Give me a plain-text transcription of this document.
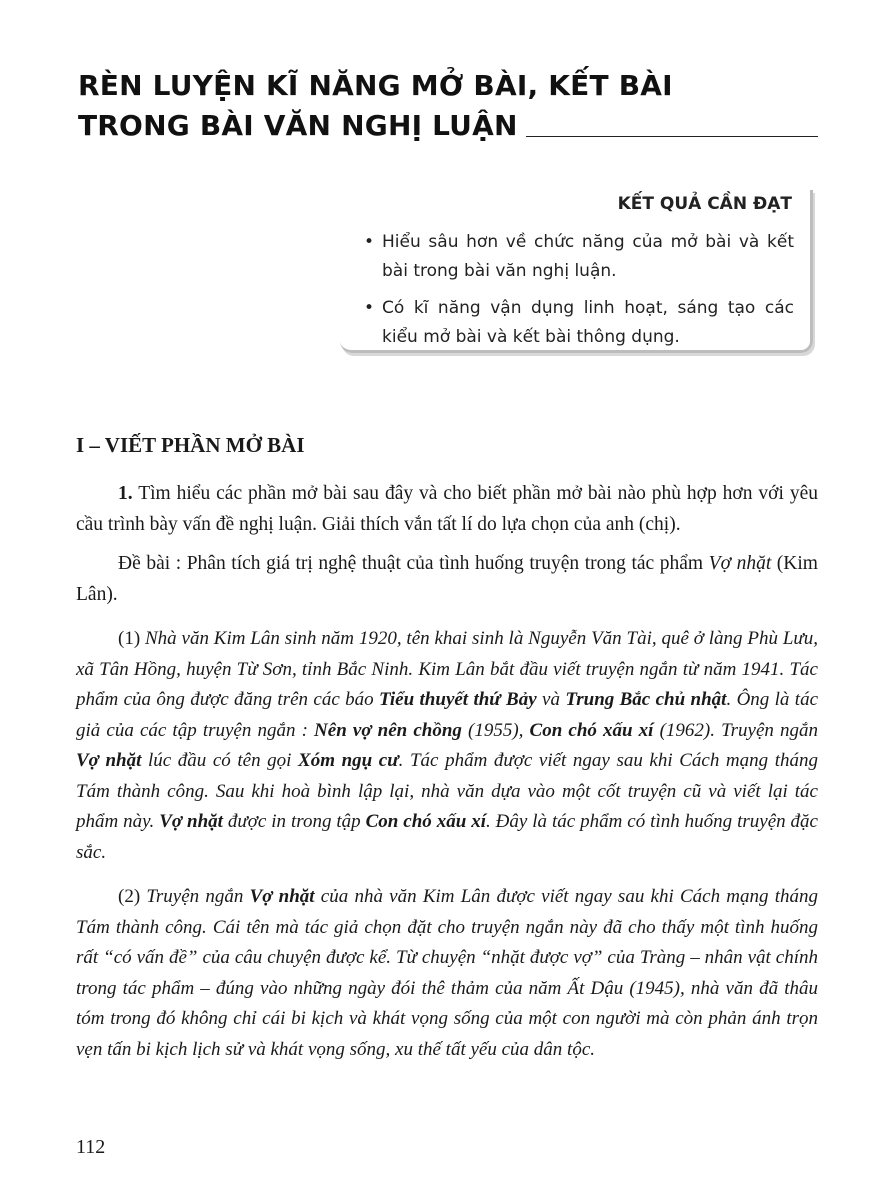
RÈN LUYỆN KĨ NĂNG MỞ BÀI, KẾT BÀI
TRONG BÀI VĂN NGHỊ LUẬN
KẾT QUẢ CẦN ĐẠT
• Hiểu sâu hơn về chức năng của mở bài và kết bài trong bài văn nghị luận.
• Có kĩ năng vận dụng linh hoạt, sáng tạo các kiểu mở bài và kết bài thông dụng.
I – VIẾT PHẦN MỞ BÀI

1. Tìm hiểu các phần mở bài sau đây và cho biết phần mở bài nào phù hợp hơn với yêu cầu trình bày vấn đề nghị luận. Giải thích vắn tất lí do lựa chọn của anh (chị).

Đề bài : Phân tích giá trị nghệ thuật của tình huống truyện trong tác phẩm Vợ nhặt (Kim Lân).

(1) Nhà văn Kim Lân sinh năm 1920, tên khai sinh là Nguyễn Văn Tài, quê ở làng Phù Lưu, xã Tân Hồng, huyện Từ Sơn, tỉnh Bắc Ninh. Kim Lân bắt đầu viết truyện ngắn từ năm 1941. Tác phẩm của ông được đăng trên các báo Tiểu thuyết thứ Bảy và Trung Bắc chủ nhật. Ông là tác giả của các tập truyện ngắn : Nên vợ nên chồng (1955), Con chó xấu xí (1962). Truyện ngắn Vợ nhặt lúc đầu có tên gọi Xóm ngụ cư. Tác phẩm được viết ngay sau khi Cách mạng tháng Tám thành công. Sau khi hoà bình lập lại, nhà văn dựa vào một cốt truyện cũ và viết lại tác phẩm này. Vợ nhặt được in trong tập Con chó xấu xí. Đây là tác phẩm có tình huống truyện đặc sắc.

(2) Truyện ngắn Vợ nhặt của nhà văn Kim Lân được viết ngay sau khi Cách mạng tháng Tám thành công. Cái tên mà tác giả chọn đặt cho truyện ngắn này đã cho thấy một tình huống rất “có vấn đề” của câu chuyện được kể. Từ chuyện “nhặt được vợ” của Tràng – nhân vật chính trong tác phẩm – đúng vào những ngày đói thê thảm của năm Ất Dậu (1945), nhà văn đã thâu tóm trong đó không chỉ cái bi kịch và khát vọng sống của một con người mà còn phản ánh trọn vẹn tấn bi kịch lịch sử và khát vọng sống, xu thế tất yếu của dân tộc.

112
